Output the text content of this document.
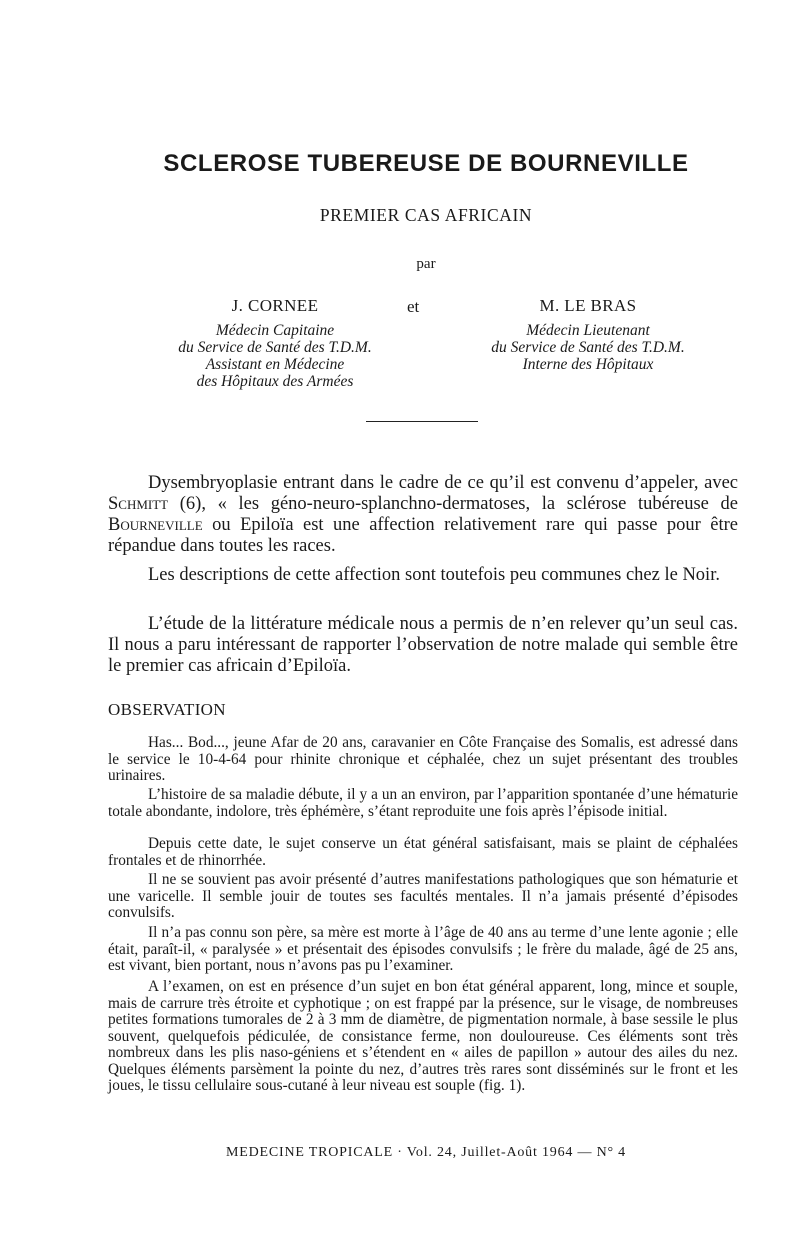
SCLEROSE TUBEREUSE DE BOURNEVILLE
PREMIER CAS AFRICAIN
par
J. CORNEE
Médecin Capitaine
du Service de Santé des T.D.M.
Assistant en Médecine
des Hôpitaux des Armées
et	M. LE BRAS
Médecin Lieutenant
du Service de Santé des T.D.M.
Interne des Hôpitaux

Dysembryoplasie entrant dans le cadre de ce qu’il est convenu d’appeler, avec Schmitt (6), « les géno-neuro-splanchno-dermatoses, la sclérose tubéreuse de Bourneville ou Epiloïa est une affection relativement rare qui passe pour être répandue dans toutes les races.

Les descriptions de cette affection sont toutefois peu communes chez le Noir.

L’étude de la littérature médicale nous a permis de n’en relever qu’un seul cas. Il nous a paru intéressant de rapporter l’observation de notre malade qui semble être le premier cas africain d’Epiloïa.

OBSERVATION

Has... Bod..., jeune Afar de 20 ans, caravanier en Côte Française des Somalis, est adressé dans le service le 10-4-64 pour rhinite chronique et céphalée, chez un sujet présentant des troubles urinaires.

L’histoire de sa maladie débute, il y a un an environ, par l’apparition spontanée d’une hématurie totale abondante, indolore, très éphémère, s’étant reproduite une fois après l’épisode initial.

Depuis cette date, le sujet conserve un état général satisfaisant, mais se plaint de céphalées frontales et de rhinorrhée.

Il ne se souvient pas avoir présenté d’autres manifestations pathologiques que son hématurie et une varicelle. Il semble jouir de toutes ses facultés mentales. Il n’a jamais présenté d’épisodes convulsifs.

Il n’a pas connu son père, sa mère est morte à l’âge de 40 ans au terme d’une lente agonie ; elle était, paraît-il, « paralysée » et présentait des épisodes convulsifs ; le frère du malade, âgé de 25 ans, est vivant, bien portant, nous n’avons pas pu l’examiner.

A l’examen, on est en présence d’un sujet en bon état général apparent, long, mince et souple, mais de carrure très étroite et cyphotique ; on est frappé par la présence, sur le visage, de nombreuses petites formations tumorales de 2 à 3 mm de diamètre, de pigmentation normale, à base sessile le plus souvent, quelquefois pédiculée, de consistance ferme, non douloureuse. Ces éléments sont très nombreux dans les plis naso-géniens et s’étendent en « ailes de papillon » autour des ailes du nez. Quelques éléments parsèment la pointe du nez, d’autres très rares sont disséminés sur le front et les joues, le tissu cellulaire sous-cutané à leur niveau est souple (fig. 1).

MEDECINE TROPICALE · Vol. 24, Juillet-Août 1964 — N° 4
